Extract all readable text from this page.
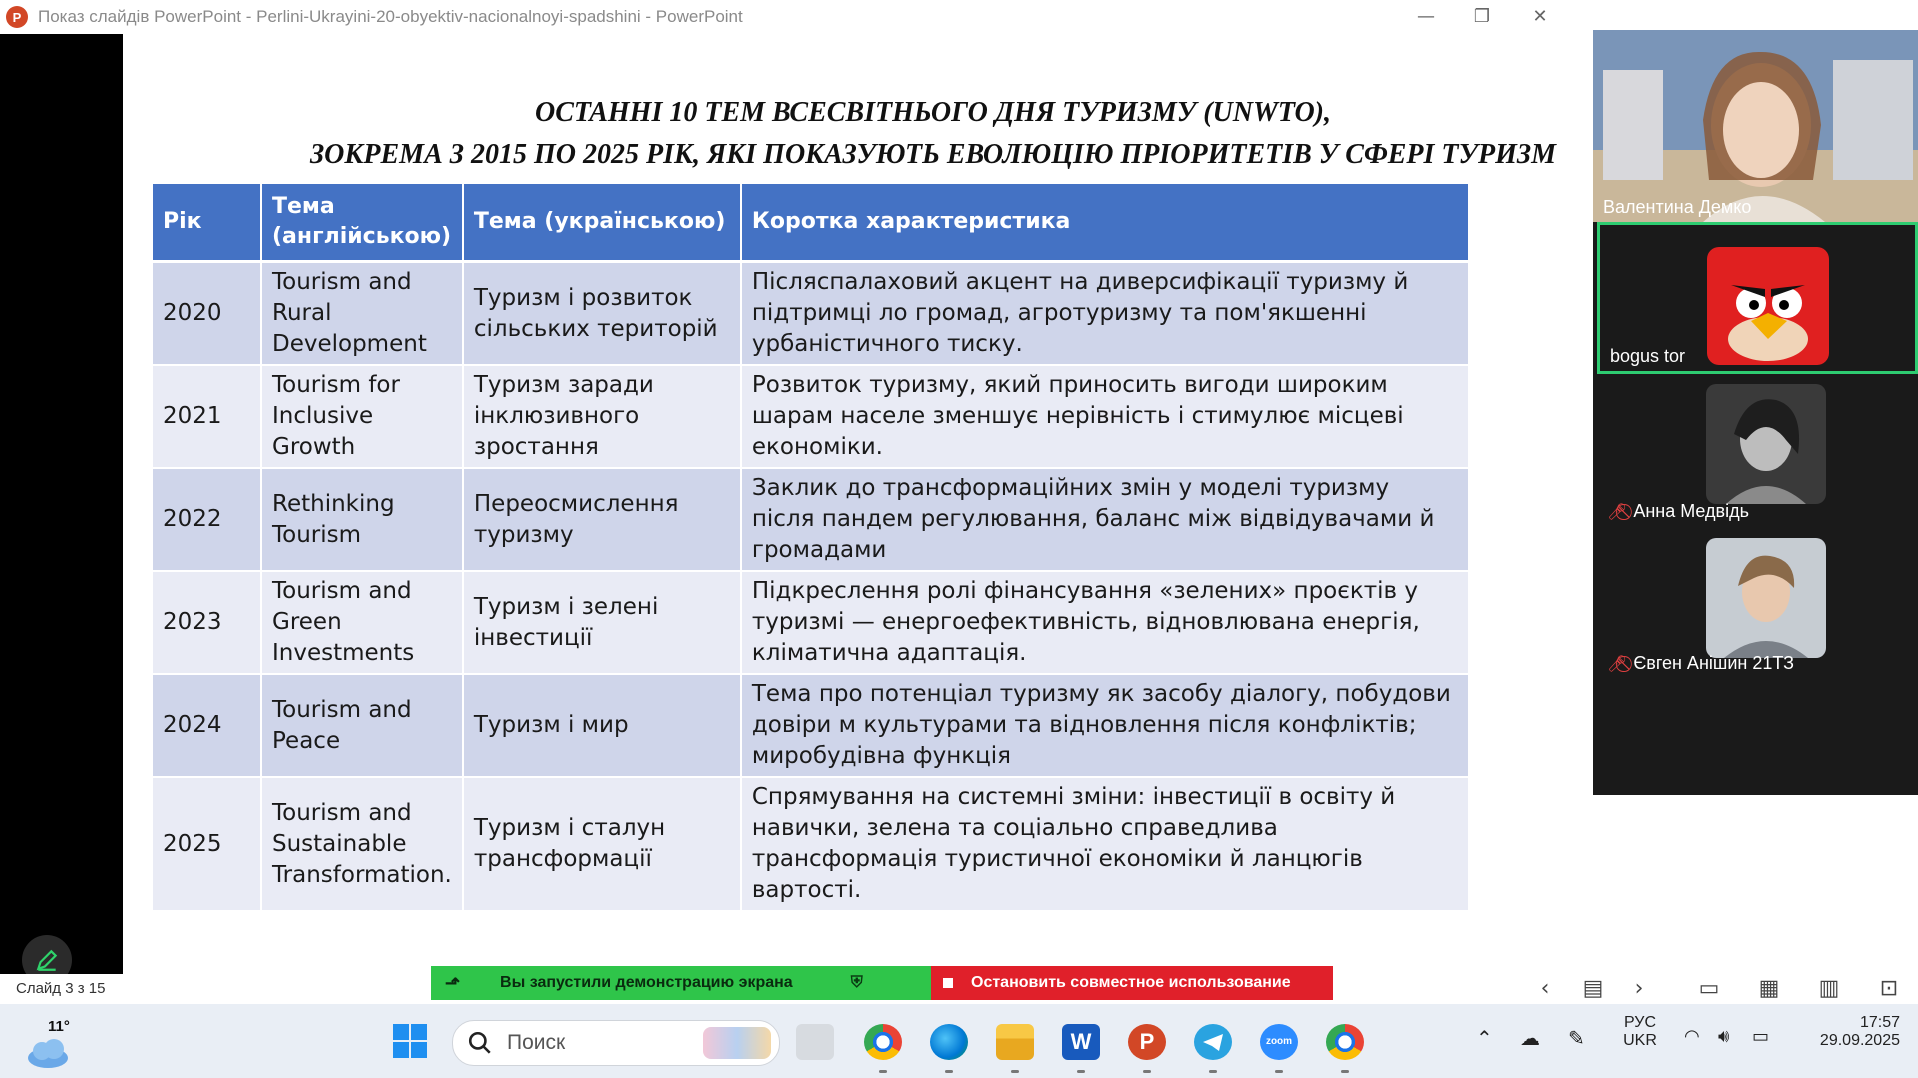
P Показ слайдів PowerPoint - Perlini-Ukrayini-20-obyektiv-nacionalnoyi-spadshini - PowerPoint	—	❐	✕
ОСТАННІ 10 ТЕМ ВСЕСВІТНЬОГО ДНЯ ТУРИЗМУ (UNWTO),
ЗОКРЕМА З 2015 ПО 2025 РІК, ЯКІ ПОКАЗУЮТЬ ЕВОЛЮЦІЮ ПРІОРИТЕТІВ У СФЕРІ ТУРИЗМ
Рік	Тема (англійською)	Тема (українською)	Коротка характеристика
2020	Tourism and Rural Development	Туризм і розвиток сільських територій	Післяспалаховий акцент на диверсифікації туризму й підтримці ло громад, агротуризму та пом'якшенні урбаністичного тиску.
2021	Tourism for Inclusive Growth	Туризм заради інклюзивного зростання	Розвиток туризму, який приносить вигоди широким шарам населе зменшує нерівність і стимулює місцеві економіки.
2022	Rethinking Tourism	Переосмислення туризму	Заклик до трансформаційних змін у моделі туризму після пандем регулювання, баланс між відвідувачами й громадами
2023	Tourism and Green Investments	Туризм і зелені інвестиції	Підкреслення ролі фінансування «зелених» проєктів у туризмі — енергоефективність, відновлювана енергія, кліматична адаптація.
2024	Tourism and Peace	Туризм і мир	Тема про потенціал туризму як засобу діалогу, побудови довіри м культурами та відновлення після конфліктів; миробудівна функція
2025	Tourism and Sustainable Transformation.	Туризм і сталун трансформації	Спрямування на системні зміни: інвестиції в освіту й навички, зелена та соціально справедлива трансформація туристичної економіки й ланцюгів вартості.
Валентина Демко
bogus tor
🎤︎⃠ Анна Медвідь
🎤︎⃠ Євген Анішин 21ТЗ
Слайд 3 з 15	⬏	Вы запустили демонстрацию экрана	⛨	Остановить совместное использование	‹	▤	›	▭ ▦ ▥ ⊡
11°
Поиск	W	P	zoom	⌃ ☁ ✎
РУС
UKR ◠ 🔊︎ ▭
17:57
29.09.2025
